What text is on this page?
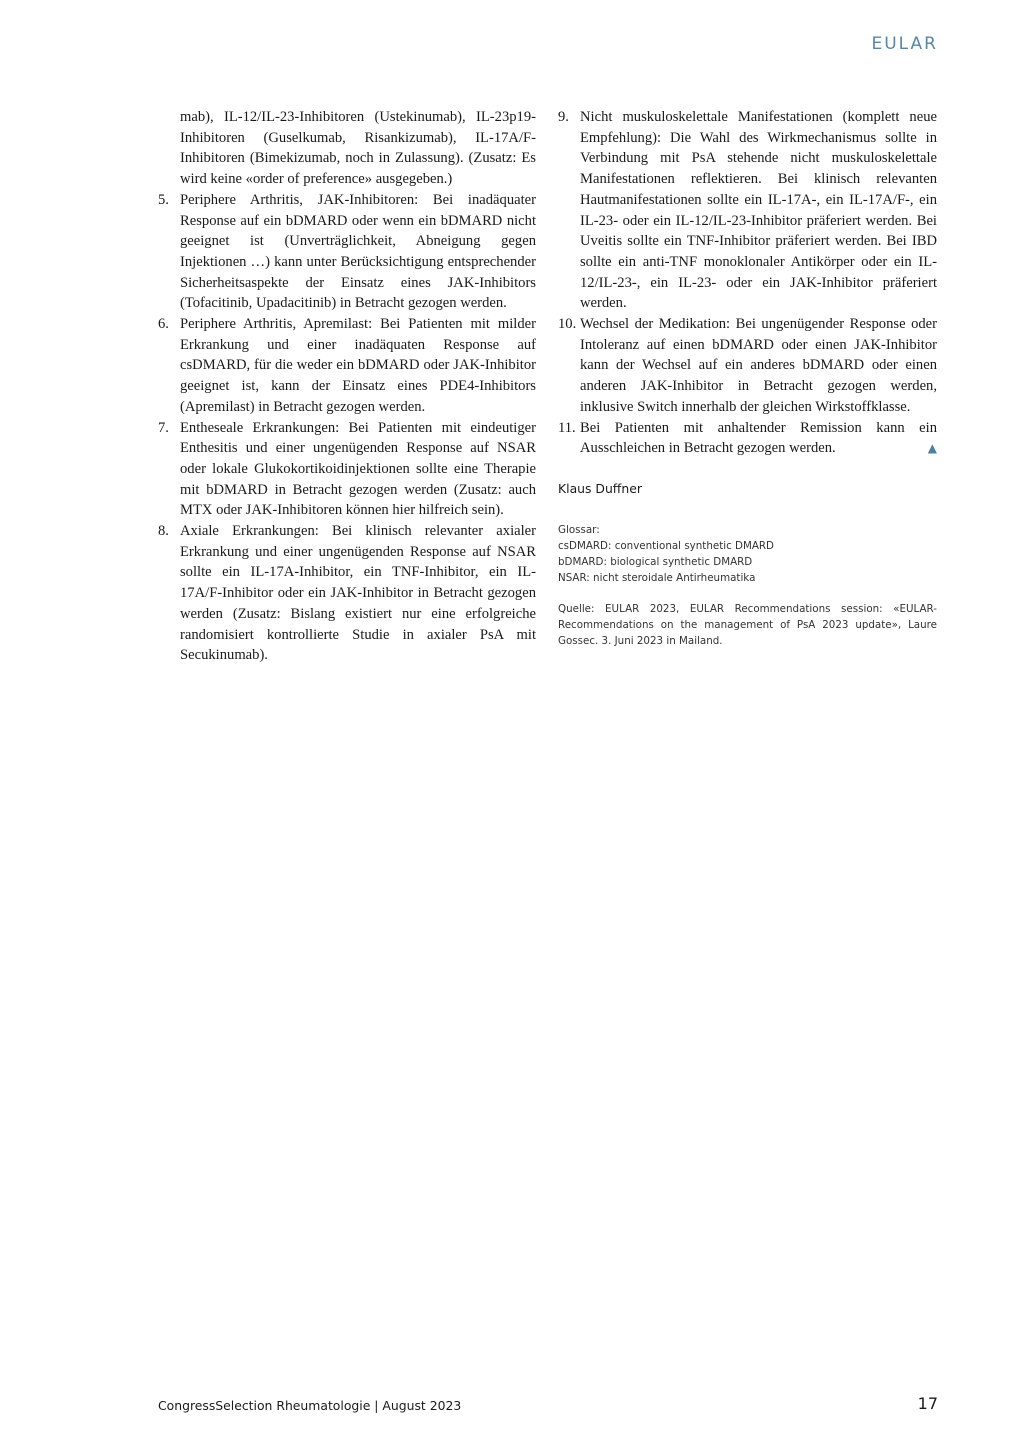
EULAR

mab), IL-12/IL-23-Inhibitoren (Ustekinumab), IL-23p19-Inhibitoren (Guselkumab, Risankizumab), IL-17A/F-Inhibitoren (Bimekizumab, noch in Zulassung). (Zusatz: Es wird keine «order of preference» ausgegeben.)

5. Periphere Arthritis, JAK-Inhibitoren: Bei inadäquater Response auf ein bDMARD oder wenn ein bDMARD nicht geeignet ist (Unverträglichkeit, Abneigung gegen Injektionen …) kann unter Berücksichtigung entsprechender Sicherheitsaspekte der Einsatz eines JAK-Inhibitors (Tofacitinib, Upadacitinib) in Betracht gezogen werden.
6. Periphere Arthritis, Apremilast: Bei Patienten mit milder Erkrankung und einer inadäquaten Response auf csDMARD, für die weder ein bDMARD oder JAK-Inhibitor geeignet ist, kann der Einsatz eines PDE4-Inhibitors (Apremilast) in Betracht gezogen werden.
7. Entheseale Erkrankungen: Bei Patienten mit eindeutiger Enthesitis und einer ungenügenden Response auf NSAR oder lokale Glukokortikoidinjektionen sollte eine Therapie mit bDMARD in Betracht gezogen werden (Zusatz: auch MTX oder JAK-Inhibitoren können hier hilfreich sein).
8. Axiale Erkrankungen: Bei klinisch relevanter axialer Erkrankung und einer ungenügenden Response auf NSAR sollte ein IL-17A-Inhibitor, ein TNF-Inhibitor, ein IL-17A/F-Inhibitor oder ein JAK-Inhibitor in Betracht gezogen werden (Zusatz: Bislang existiert nur eine erfolgreiche randomisiert kontrollierte Studie in axialer PsA mit Secukinumab).
9. Nicht muskuloskelettale Manifestationen (komplett neue Empfehlung): Die Wahl des Wirkmechanismus sollte in Verbindung mit PsA stehende nicht muskuloskelettale Manifestationen reflektieren. Bei klinisch relevanten Hautmanifestationen sollte ein IL-17A-, ein IL-17A/F-, ein IL-23- oder ein IL-12/IL-23-Inhibitor präferiert werden. Bei Uveitis sollte ein TNF-Inhibitor präferiert werden. Bei IBD sollte ein anti-TNF monoklonaler Antikörper oder ein IL-12/IL-23-, ein IL-23- oder ein JAK-Inhibitor präferiert werden.
10. Wechsel der Medikation: Bei ungenügender Response oder Intoleranz auf einen bDMARD oder einen JAK-Inhibitor kann der Wechsel auf ein anderes bDMARD oder einen anderen JAK-Inhibitor in Betracht gezogen werden, inklusive Switch innerhalb der gleichen Wirkstoffklasse.
11. Bei Patienten mit anhaltender Remission kann ein Ausschleichen in Betracht gezogen werden.	▲
Klaus Duffner
Glossar:
csDMARD: conventional synthetic DMARD
bDMARD: biological synthetic DMARD
NSAR: nicht steroidale Antirheumatika
Quelle: EULAR 2023, EULAR Recommendations session: «EULAR-Recommendations on the management of PsA 2023 update», Laure Gossec. 3. Juni 2023 in Mailand.
CongressSelection Rheumatologie | August 2023	17
